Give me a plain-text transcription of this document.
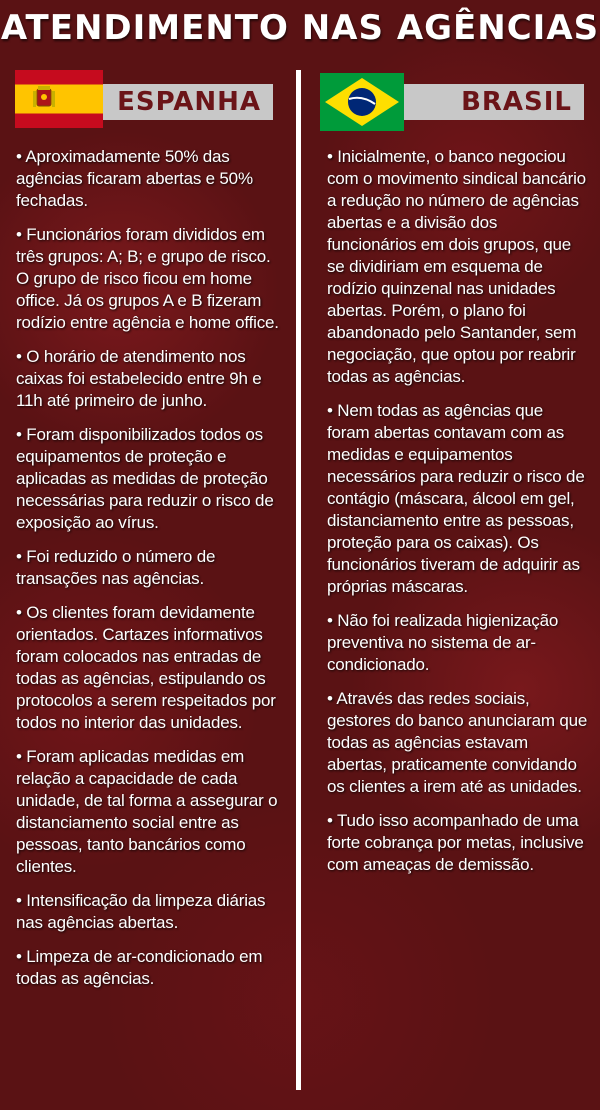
ATENDIMENTO NAS AGÊNCIAS
ESPANHA	BRASIL
• Aproximadamente 50% das agências ficaram abertas e 50% fechadas.
• Funcionários foram divididos em três grupos: A; B; e grupo de risco. O grupo de risco ficou em home office. Já os grupos A e B fizeram rodízio entre agência e home office.
• O horário de atendimento nos caixas foi estabelecido entre 9h e 11h até primeiro de junho.
• Foram disponibilizados todos os equipamentos de proteção e aplicadas as medidas de proteção necessárias para reduzir o risco de exposição ao vírus.
• Foi reduzido o número de transações nas agências.
• Os clientes foram devidamente orientados. Cartazes informativos foram colocados nas entradas de todas as agências, estipulando os protocolos a serem respeitados por todos no interior das unidades.
• Foram aplicadas medidas em relação a capacidade de cada unidade, de tal forma a assegurar o distanciamento social entre as pessoas, tanto bancários como clientes.
• Intensificação da limpeza diárias nas agências abertas.
• Limpeza de ar-condicionado em todas as agências.
• Inicialmente, o banco negociou com o movimento sindical bancário a redução no número de agências abertas e a divisão dos funcionários em dois grupos, que se dividiriam em esquema de rodízio quinzenal nas unidades abertas. Porém, o plano foi abandonado pelo Santander, sem negociação, que optou por reabrir todas as agências.
• Nem todas as agências que foram abertas contavam com as medidas e equipamentos necessários para reduzir o risco de contágio (máscara, álcool em gel, distanciamento entre as pessoas, proteção para os caixas). Os funcionários tiveram de adquirir as próprias máscaras.
• Não foi realizada higienização preventiva no sistema de ar-condicionado.
• Através das redes sociais, gestores do banco anunciaram que todas as agências estavam abertas, praticamente convidando os clientes a irem até as unidades.
• Tudo isso acompanhado de uma forte cobrança por metas, inclusive com ameaças de demissão.
